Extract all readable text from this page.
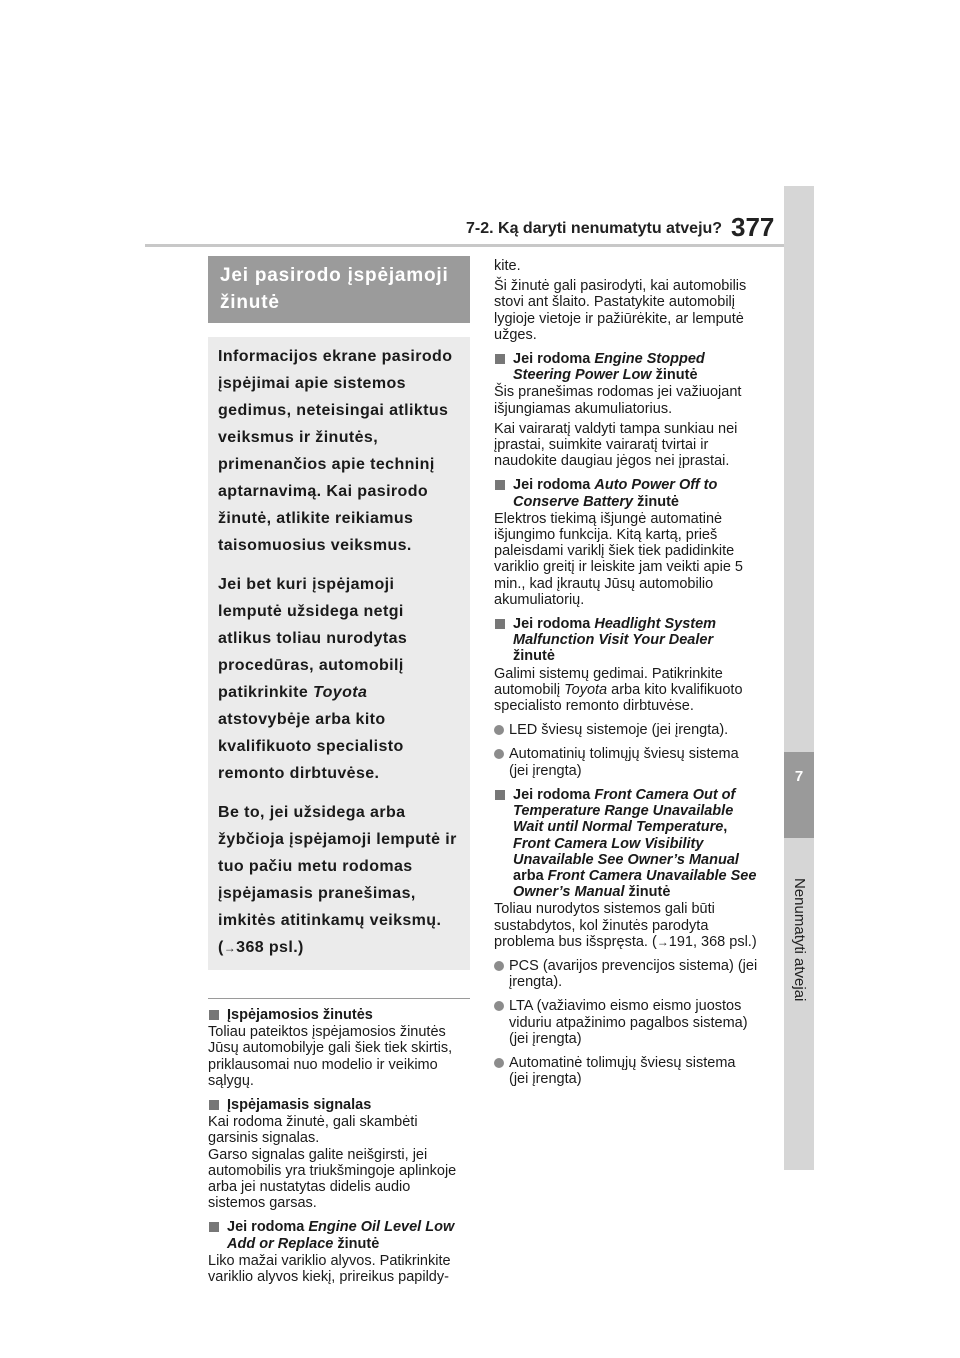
7
Nenumatyti atvejai
7-2. Ką daryti nenumatytu atveju? 377
Jei pasirodo įspėjamoji
žinutė

Informacijos ekrane pasirodo įspėjimai apie sistemos gedimus, neteisingai atliktus veiksmus ir žinutės, primenančios apie techninį aptarnavimą. Kai pasirodo žinutė, atlikite reikiamus taisomuosius veiksmus.

Jei bet kuri įspėjamoji lemputė užsidega netgi atlikus toliau nurodytas procedūras, automobilį patikrinkite Toyota atstovybėje arba kito kvalifikuoto specialisto remonto dirbtuvėse.

Be to, jei užsidega arba žybčioja įspėjamoji lemputė ir tuo pačiu metu rodomas įspėjamasis pranešimas, imkitės atitinkamų veiksmų. (→368 psl.)

Įspėjamosios žinutės
Toliau pateiktos įspėjamosios žinutės Jūsų automobilyje gali šiek tiek skirtis, priklausomai nuo modelio ir veikimo sąlygų.
Įspėjamasis signalas
Kai rodoma žinutė, gali skambėti garsinis signalas.
Garso signalas galite neišgirsti, jei automobilis yra triukšmingoje aplinkoje arba jei nustatytas didelis audio sistemos garsas.
Jei rodoma Engine Oil Level Low Add or Replace žinutė
Liko mažai variklio alyvos. Patikrinkite variklio alyvos kiekį, prireikus papildy-
kite.
Ši žinutė gali pasirodyti, kai automobilis stovi ant šlaito. Pastatykite automobilį lygioje vietoje ir pažiūrėkite, ar lemputė užges.
Jei rodoma Engine Stopped Steering Power Low žinutė
Šis pranešimas rodomas jei važiuojant išjungiamas akumuliatorius.
Kai vairaratį valdyti tampa sunkiau nei įprastai, suimkite vairaratį tvirtai ir naudokite daugiau jėgos nei įprastai.
Jei rodoma Auto Power Off to Conserve Battery žinutė
Elektros tiekimą išjungė automatinė išjungimo funkcija. Kitą kartą, prieš paleisdami variklį šiek tiek padidinkite variklio greitį ir leiskite jam veikti apie 5 min., kad įkrautų Jūsų automobilio akumuliatorių.
Jei rodoma Headlight System Malfunction Visit Your Dealer žinutė
Galimi sistemų gedimai. Patikrinkite automobilį Toyota arba kito kvalifikuoto specialisto remonto dirbtuvėse.
LED šviesų sistemoje (jei įrengta).
Automatinių tolimųjų šviesų sistema (jei įrengta)
Jei rodoma Front Camera Out of Temperature Range Unavailable Wait until Normal Temperature, Front Camera Low Visibility Unavailable See Owner’s Manual arba Front Camera Unavailable See Owner’s Manual žinutė
Toliau nurodytos sistemos gali būti sustabdytos, kol žinutės parodyta problema bus išspręsta. (→191, 368 psl.)
PCS (avarijos prevencijos sistema) (jei įrengta).
LTA (važiavimo eismo eismo juostos viduriu atpažinimo pagalbos sistema) (jei įrengta)
Automatinė tolimųjų šviesų sistema (jei įrengta)
